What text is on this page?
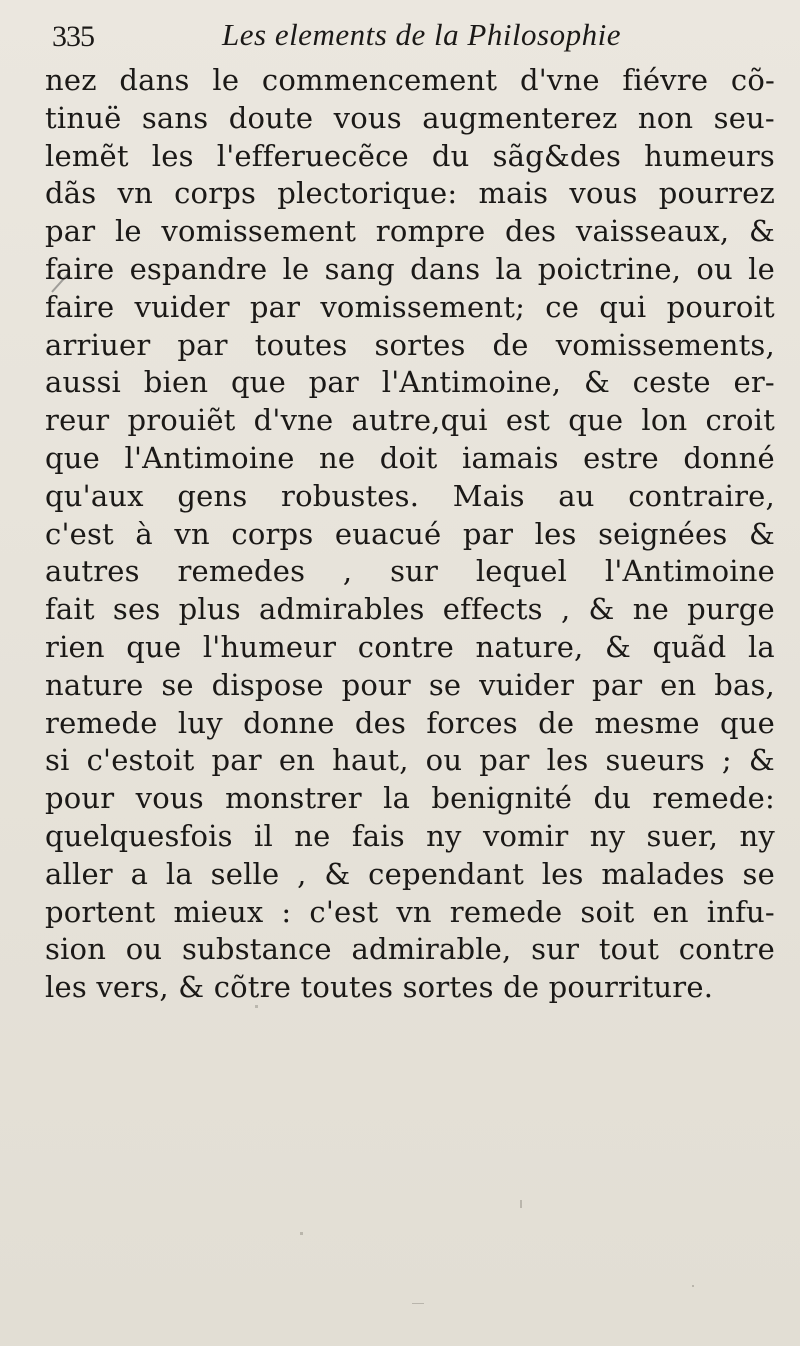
335	Les elements de la Philosophie
nez dans le commencement d'vne fiévre cõ-
tinuë sans doute vous augmenterez non seu-
lemẽt les l'efferuecẽce du sãg&des humeurs
dãs vn corps plectorique: mais vous pourrez
par le vomissement rompre des vaisseaux, &
faire espandre le sang dans la poictrine, ou le
faire vuider par vomissement; ce qui pouroit
arriuer par toutes sortes de vomissements,
aussi bien que par l'Antimoine, & ceste er-
reur prouiẽt d'vne autre,qui est que lon croit
que l'Antimoine ne doit iamais estre donné
qu'aux gens robustes. Mais au contraire,
c'est à vn corps euacué par les seignées &
autres remedes , sur lequel l'Antimoine
fait ses plus admirables effects , & ne purge
rien que l'humeur contre nature, & quãd la
nature se dispose pour se vuider par en bas,
remede luy donne des forces de mesme que
si c'estoit par en haut, ou par les sueurs ; &
pour vous monstrer la benignité du remede:
quelquesfois il ne fais ny vomir ny suer, ny
aller a la selle , & cependant les malades se
portent mieux : c'est vn remede soit en infu-
sion ou substance admirable, sur tout contre
les vers, & cõtre toutes sortes de pourriture.
